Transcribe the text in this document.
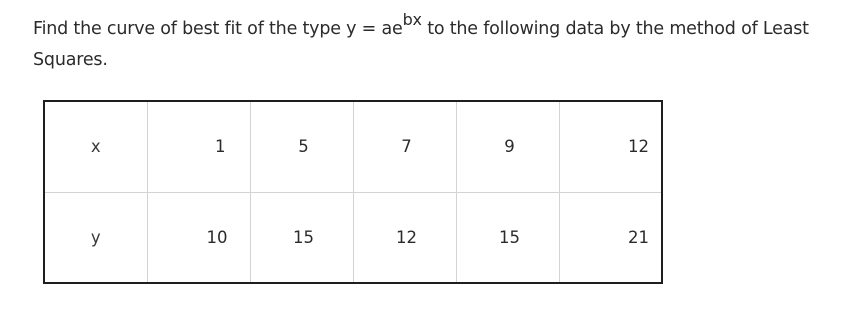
Find the curve of best fit of the type $y = ae^{bx}$ to the following data by the method of Least Squares.
x	1	5	7	9	12
y	10	15	12	15	21
